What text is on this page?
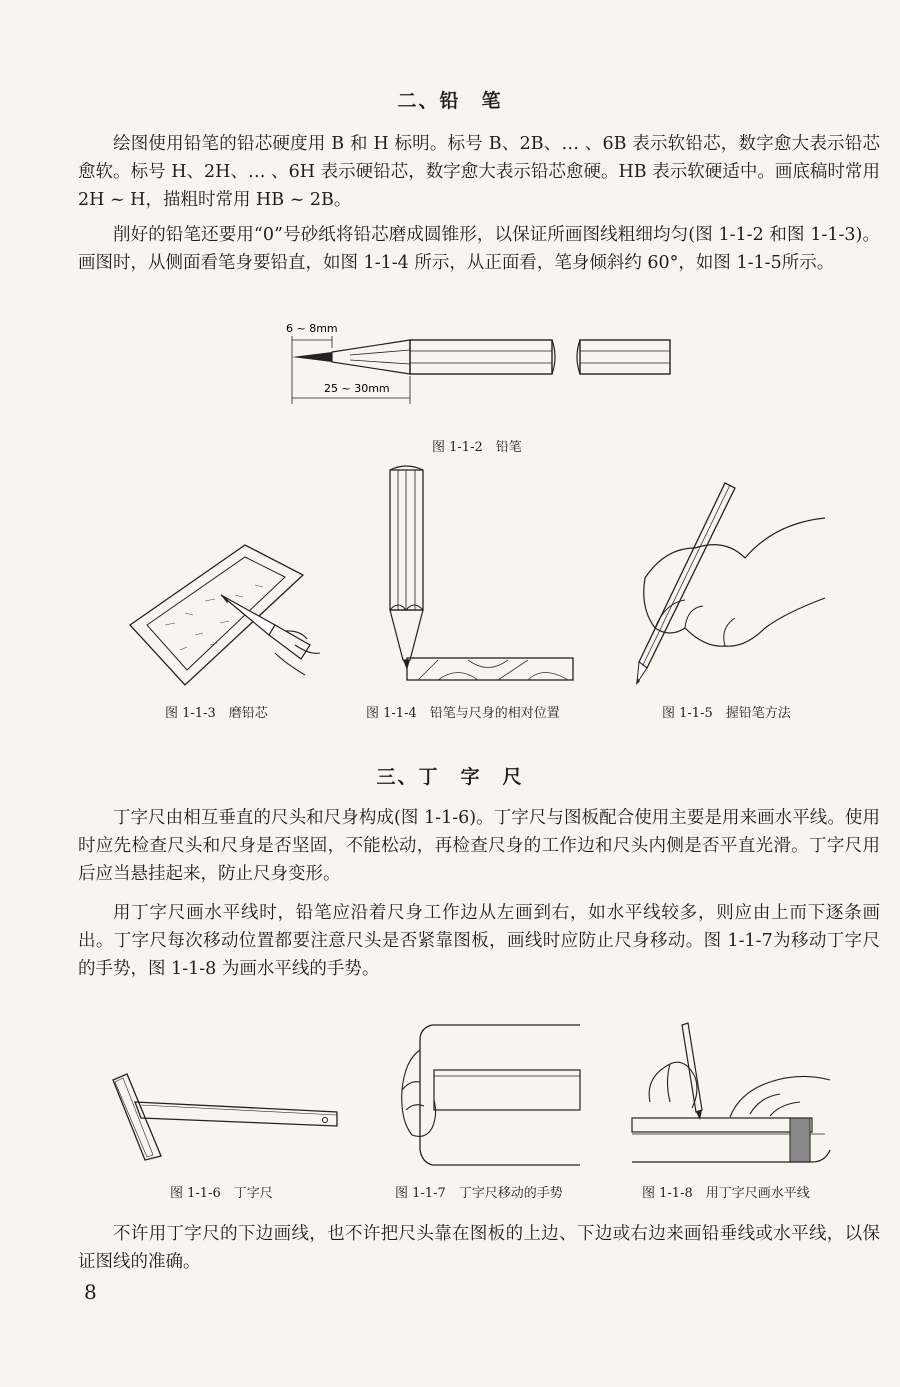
二、铅　笔

绘图使用铅笔的铅芯硬度用 B 和 H 标明。标号 B、2B、… 、6B 表示软铅芯，数字愈大表示铅芯愈软。标号 H、2H、… 、6H 表示硬铅芯，数字愈大表示铅芯愈硬。HB 表示软硬适中。画底稿时常用 2H ~ H，描粗时常用 HB ~ 2B。

削好的铅笔还要用“0”号砂纸将铅芯磨成圆锥形，以保证所画图线粗细均匀(图 1-1-2 和图 1-1-3)。画图时，从侧面看笔身要铅直，如图 1-1-4 所示，从正面看，笔身倾斜约 60°，如图 1-1-5所示。

6 ~ 8mm
25 ~ 30mm
图 1-1-2　铅笔
图 1-1-3　磨铅芯	图 1-1-4　铅笔与尺身的相对位置	图 1-1-5　握铅笔方法
三、丁　字　尺

丁字尺由相互垂直的尺头和尺身构成(图 1-1-6)。丁字尺与图板配合使用主要是用来画水平线。使用时应先检查尺头和尺身是否坚固，不能松动，再检查尺身的工作边和尺头内侧是否平直光滑。丁字尺用后应当悬挂起来，防止尺身变形。

用丁字尺画水平线时，铅笔应沿着尺身工作边从左画到右，如水平线较多，则应由上而下逐条画出。丁字尺每次移动位置都要注意尺头是否紧靠图板，画线时应防止尺身移动。图 1-1-7为移动丁字尺的手势，图 1-1-8 为画水平线的手势。

图 1-1-6　丁字尺	图 1-1-7　丁字尺移动的手势	图 1-1-8　用丁字尺画水平线

不许用丁字尺的下边画线，也不许把尺头靠在图板的上边、下边或右边来画铅垂线或水平线，以保证图线的准确。

8
